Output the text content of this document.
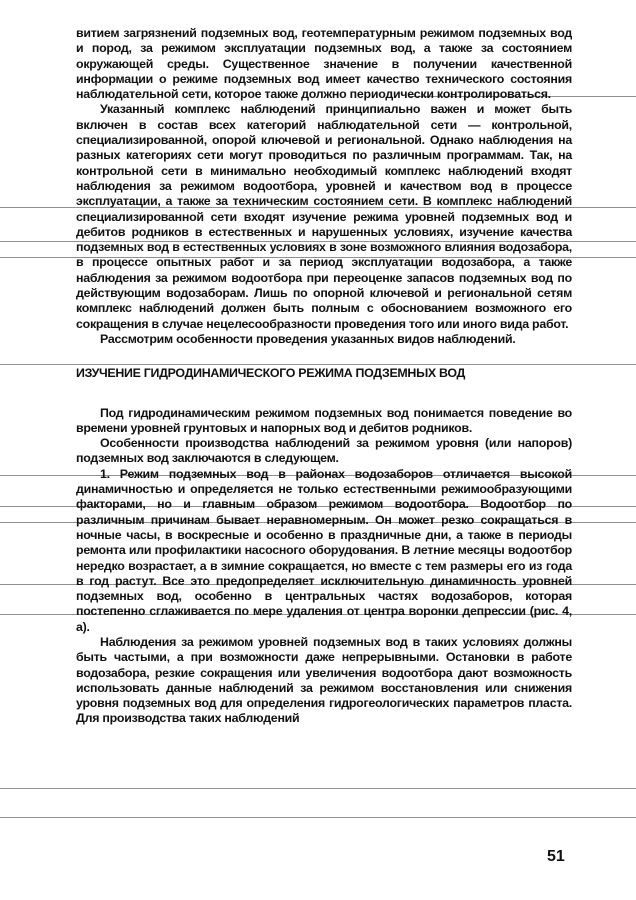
витием загрязнений подземных вод, геотемпературным режимом подземных вод и пород, за режимом эксплуатации подземных вод, а также за состоянием окружающей среды. Существенное значение в получении качественной информации о режиме подземных вод имеет качество технического состояния наблюдательной сети, которое также должно периодически контролироваться.

Указанный комплекс наблюдений принципиально важен и может быть включен в состав всех категорий наблюдательной сети — контрольной, специализированной, опорой ключевой и региональной. Однако наблюдения на разных категориях сети могут проводиться по различным программам. Так, на контрольной сети в минимально необходимый комплекс наблюдений входят наблюдения за режимом водоотбора, уровней и качеством вод в процессе эксплуатации, а также за техническим состоянием сети. В комплекс наблюдений специализированной сети входят изучение режима уровней подземных вод и дебитов родников в естественных и нарушенных условиях, изучение качества подземных вод в естественных условиях в зоне возможного влияния водозабора, в процессе опытных работ и за период эксплуатации водозабора, а также наблюдения за режимом водоотбора при переоценке запасов подземных вод по действующим водозаборам. Лишь по опорной ключевой и региональной сетям комплекс наблюдений должен быть полным с обоснованием возможного его сокращения в случае нецелесообразности проведения того или иного вида работ.

Рассмотрим особенности проведения указанных видов наблюдений.

ИЗУЧЕНИЕ ГИДРОДИНАМИЧЕСКОГО РЕЖИМА ПОДЗЕМНЫХ ВОД

Под гидродинамическим режимом подземных вод понимается поведение во времени уровней грунтовых и напорных вод и дебитов родников.

Особенности производства наблюдений за режимом уровня (или напоров) подземных вод заключаются в следующем.

1. Режим подземных вод в районах водозаборов отличается высокой динамичностью и определяется не только естественными режимообразующими факторами, но и главным образом режимом водоотбора. Водоотбор по различным причинам бывает неравномерным. Он может резко сокращаться в ночные часы, в воскресные и особенно в праздничные дни, а также в периоды ремонта или профилактики насосного оборудования. В летние месяцы водоотбор нередко возрастает, а в зимние сокращается, но вместе с тем размеры его из года в год растут. Все это предопределяет исключительную динамичность уровней подземных вод, особенно в центральных частях водозаборов, которая постепенно сглаживается по мере удаления от центра воронки депрессии (рис. 4, а).

Наблюдения за режимом уровней подземных вод в таких условиях должны быть частыми, а при возможности даже непрерывными. Остановки в работе водозабора, резкие сокращения или увеличения водоотбора дают возможность использовать данные наблюдений за режимом восстановления или снижения уровня подземных вод для определения гидрогеологических параметров пласта. Для производства таких наблюдений

51
